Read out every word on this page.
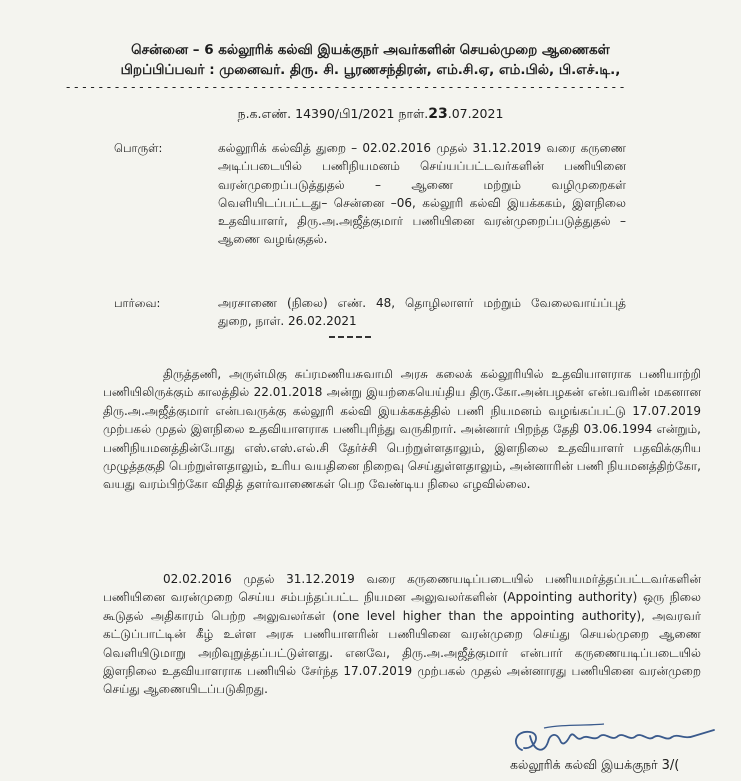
சென்னை – 6 கல்லூரிக் கல்வி இயக்குநர் அவர்களின் செயல்முறை ஆணைகள்
பிறப்பிப்பவர் : முனைவர். திரு. சி. பூரணசந்திரன், எம்.சி.ஏ, எம்.பில், பி.எச்.டி.,
- - - - - - - - - - - - - - - - - - - - - - - - - - - - - - - - - - - - - - - - - - - - - - - - - - - - - - - - - - - - - - - - - - - - -
ந.க.எண். 14390/பி1/2021 நாள்.23.07.2021
பொருள்:	கல்லூரிக் கல்வித் துறை – 02.02.2016 முதல் 31.12.2019 வரை கருணை அடிப்படையில் பணிநியமனம் செய்யப்பட்டவர்களின் பணியினை வரன்முறைப்படுத்துதல் – ஆணை மற்றும் வழிமுறைகள் வெளியிடப்பட்டது– சென்னை –06, கல்லூரி கல்வி இயக்ககம், இளநிலை உதவியாளர், திரு.அ.அஜீத்குமார் பணியினை வரன்முறைப்படுத்துதல் – ஆணை வழங்குதல்.

பார்வை:	அரசாணை (நிலை) எண். 48, தொழிலாளர் மற்றும் வேலைவாய்ப்புத் துறை, நாள். 26.02.2021

திருத்தணி, அருள்மிகு சுப்ரமணியசுவாமி அரசு கலைக் கல்லூரியில் உதவியாளராக பணியாற்றி பணியிலிருக்கும் காலத்தில் 22.01.2018 அன்று இயற்கையெய்திய திரு.கோ.அன்பழகன் என்பவரின் மகனான திரு.அ.அஜீத்குமார் என்பவருக்கு கல்லூரி கல்வி இயக்ககத்தில் பணி நியமனம் வழங்கப்பட்டு 17.07.2019 முற்பகல் முதல் இளநிலை உதவியாளராக பணிபுரிந்து வருகிறார். அன்னார் பிறந்த தேதி 03.06.1994 என்றும், பணிநியமனத்தின்போது எஸ்.எஸ்.எல்.சி தேர்ச்சி பெற்றுள்ளதாலும், இளநிலை உதவியாளர் பதவிக்குரிய முழுத்தகுதி பெற்றுள்ளதாலும், உரிய வயதினை நிறைவு செய்துள்ளதாலும், அன்னாரின் பணி நியமனத்திற்கோ, வயது வரம்பிற்கோ விதித் தளர்வாணைகள் பெற வேண்டிய நிலை எழவில்லை.

02.02.2016 முதல் 31.12.2019 வரை கருணையடிப்படையில் பணியமர்த்தப்பட்டவர்களின் பணியினை வரன்முறை செய்ய சம்பந்தப்பட்ட நியமன அலுவலர்களின் (Appointing authority) ஒரு நிலை கூடுதல் அதிகாரம் பெற்ற அலுவலர்கள் (one level higher than the appointing authority), அவரவர் கட்டுப்பாட்டின் கீழ் உள்ள அரசு பணியாளரின் பணியினை வரன்முறை செய்து செயல்முறை ஆணை வெளியிடுமாறு அறிவுறுத்தப்பட்டுள்ளது. எனவே, திரு.அ.அஜீத்குமார் என்பார் கருணையடிப்படையில் இளநிலை உதவியாளராக பணியில் சேர்ந்த 17.07.2019 முற்பகல் முதல் அன்னாரது பணியினை வரன்முறை செய்து ஆணையிடப்படுகிறது.

கல்லூரிக் கல்வி இயக்குநர் 3/(
